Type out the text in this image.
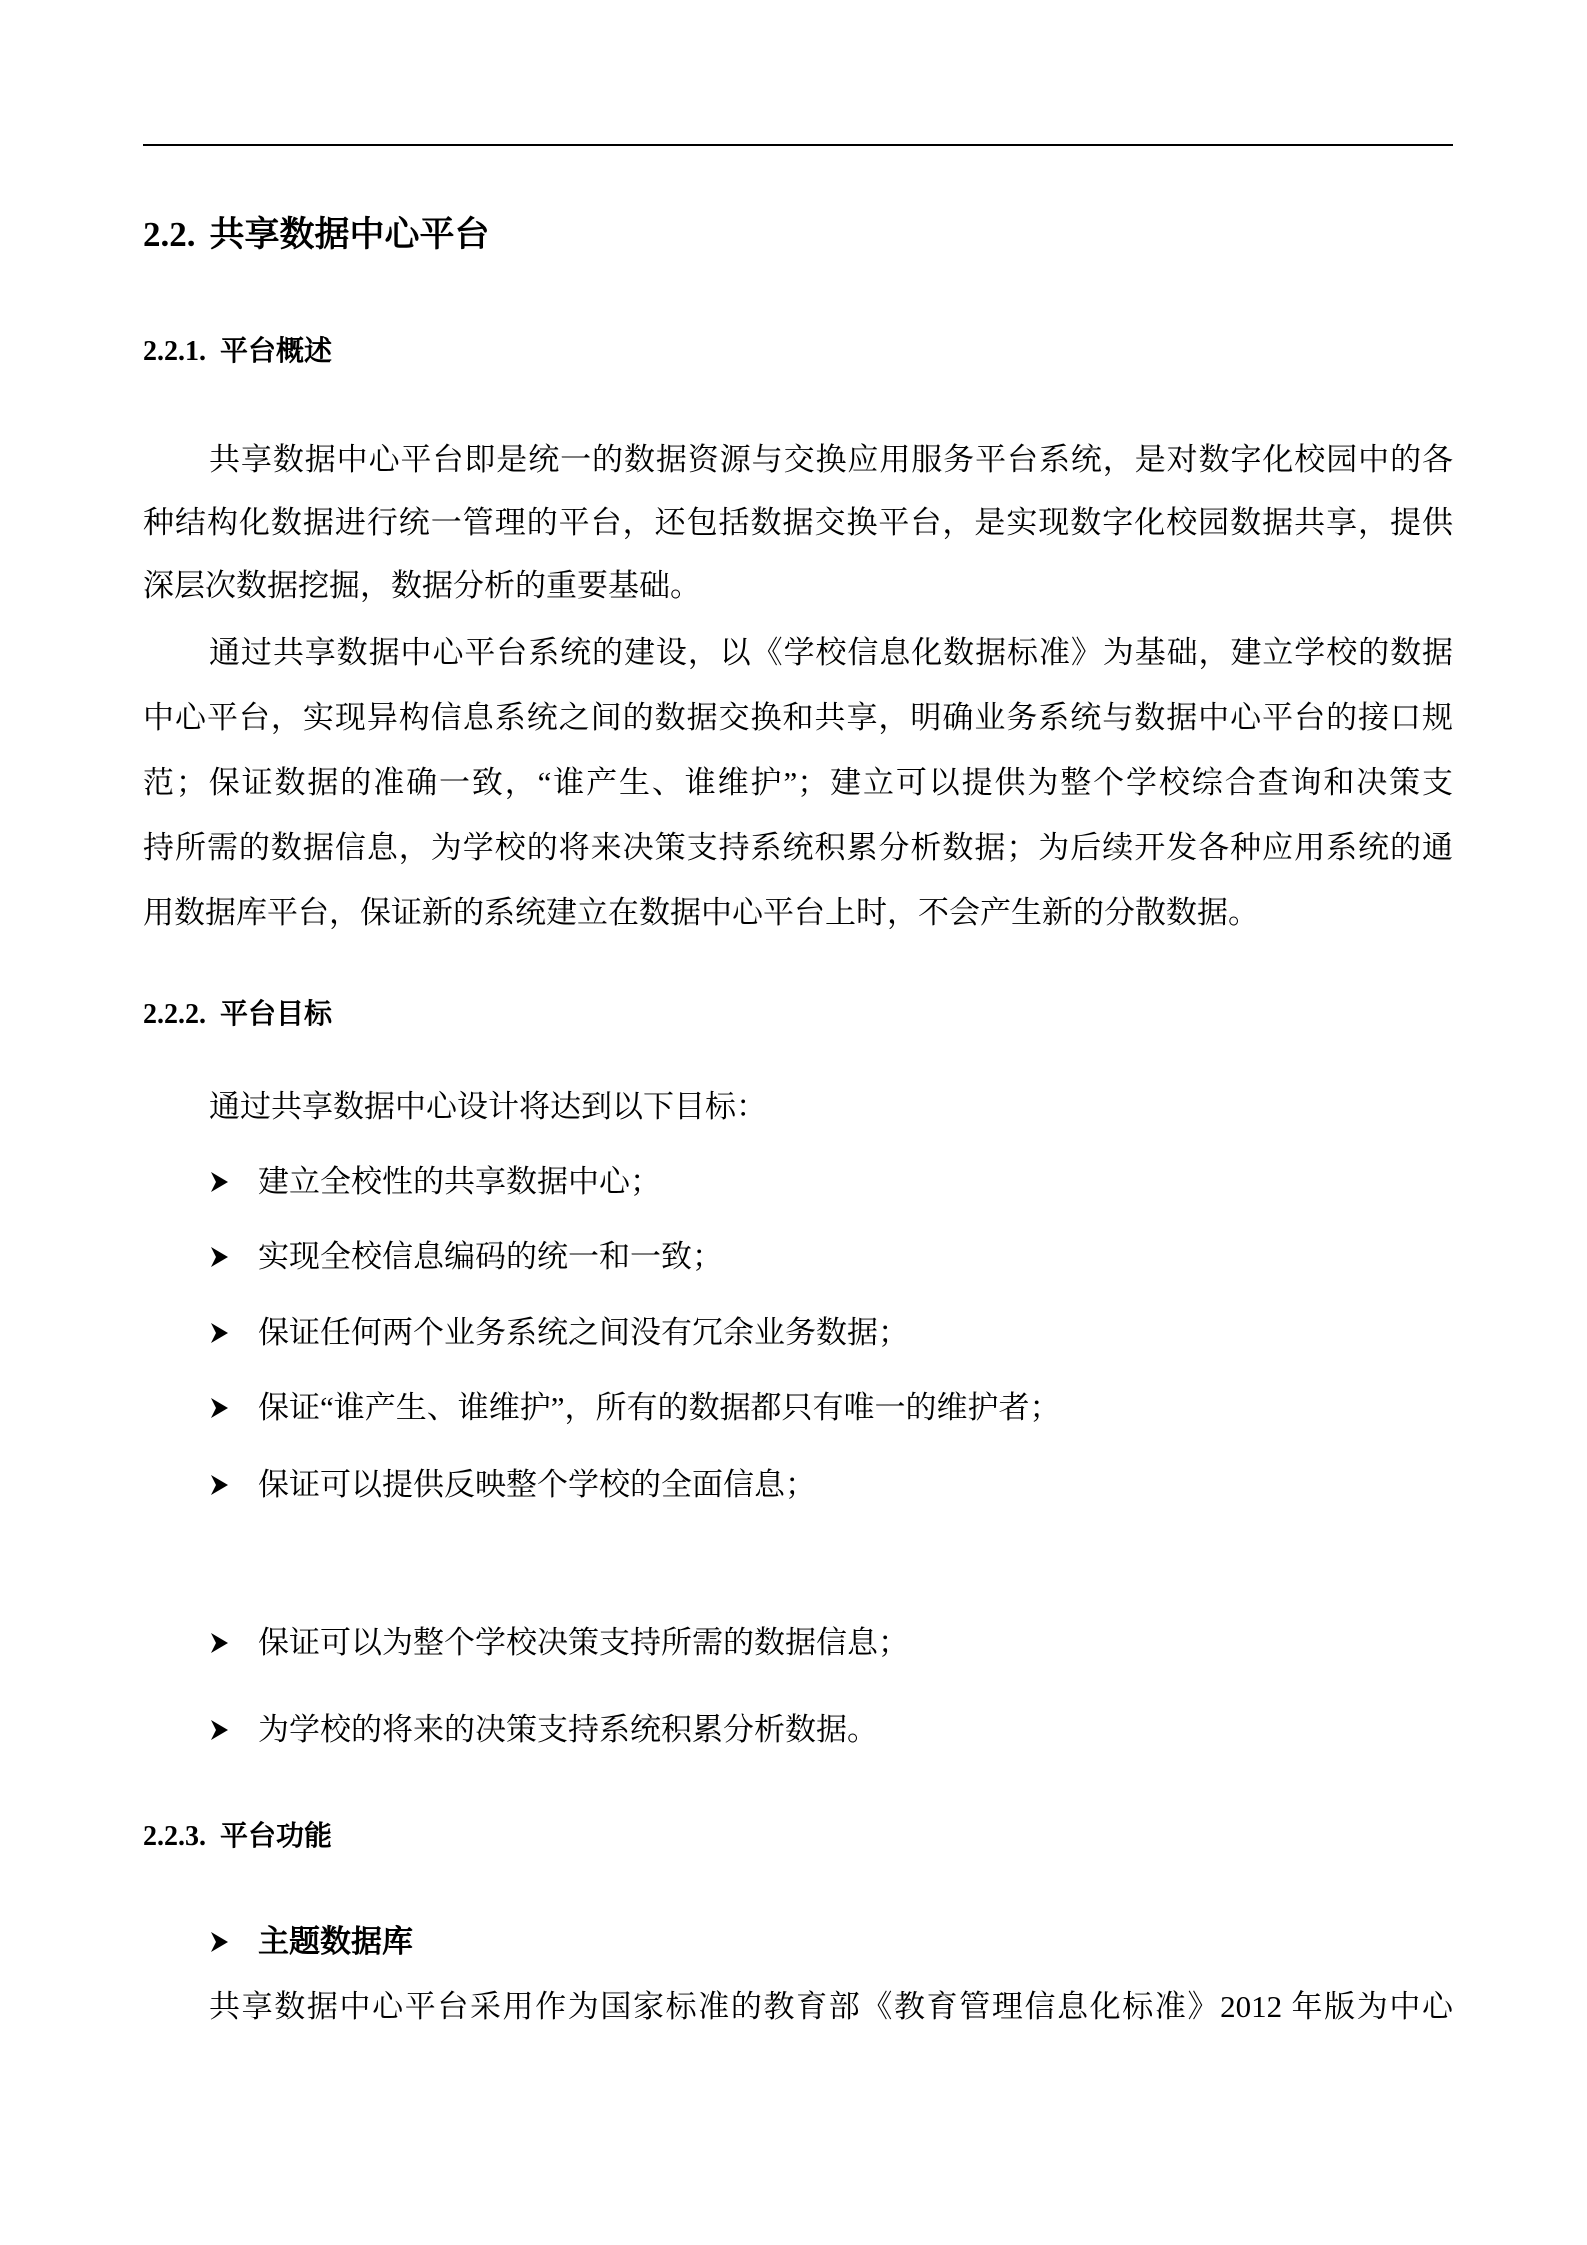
2.2. 共享数据中心平台
2.2.1. 平台概述
共享数据中心平台即是统一的数据资源与交换应用服务平台系统，是对数字化校园中的各
种结构化数据进行统一管理的平台，还包括数据交换平台，是实现数字化校园数据共享，提供
深层次数据挖掘，数据分析的重要基础。
通过共享数据中心平台系统的建设，以《学校信息化数据标准》为基础，建立学校的数据
中心平台，实现异构信息系统之间的数据交换和共享，明确业务系统与数据中心平台的接口规
范；保证数据的准确一致，“谁产生、谁维护”；建立可以提供为整个学校综合查询和决策支
持所需的数据信息，为学校的将来决策支持系统积累分析数据；为后续开发各种应用系统的通
用数据库平台，保证新的系统建立在数据中心平台上时，不会产生新的分散数据。
2.2.2. 平台目标
通过共享数据中心设计将达到以下目标：
建立全校性的共享数据中心；
实现全校信息编码的统一和一致；
保证任何两个业务系统之间没有冗余业务数据；
保证“谁产生、谁维护”，所有的数据都只有唯一的维护者；
保证可以提供反映整个学校的全面信息；
保证可以为整个学校决策支持所需的数据信息；
为学校的将来的决策支持系统积累分析数据。
2.2.3. 平台功能
主题数据库
共享数据中心平台采用作为国家标准的教育部《教育管理信息化标准》2012 年版为中心
